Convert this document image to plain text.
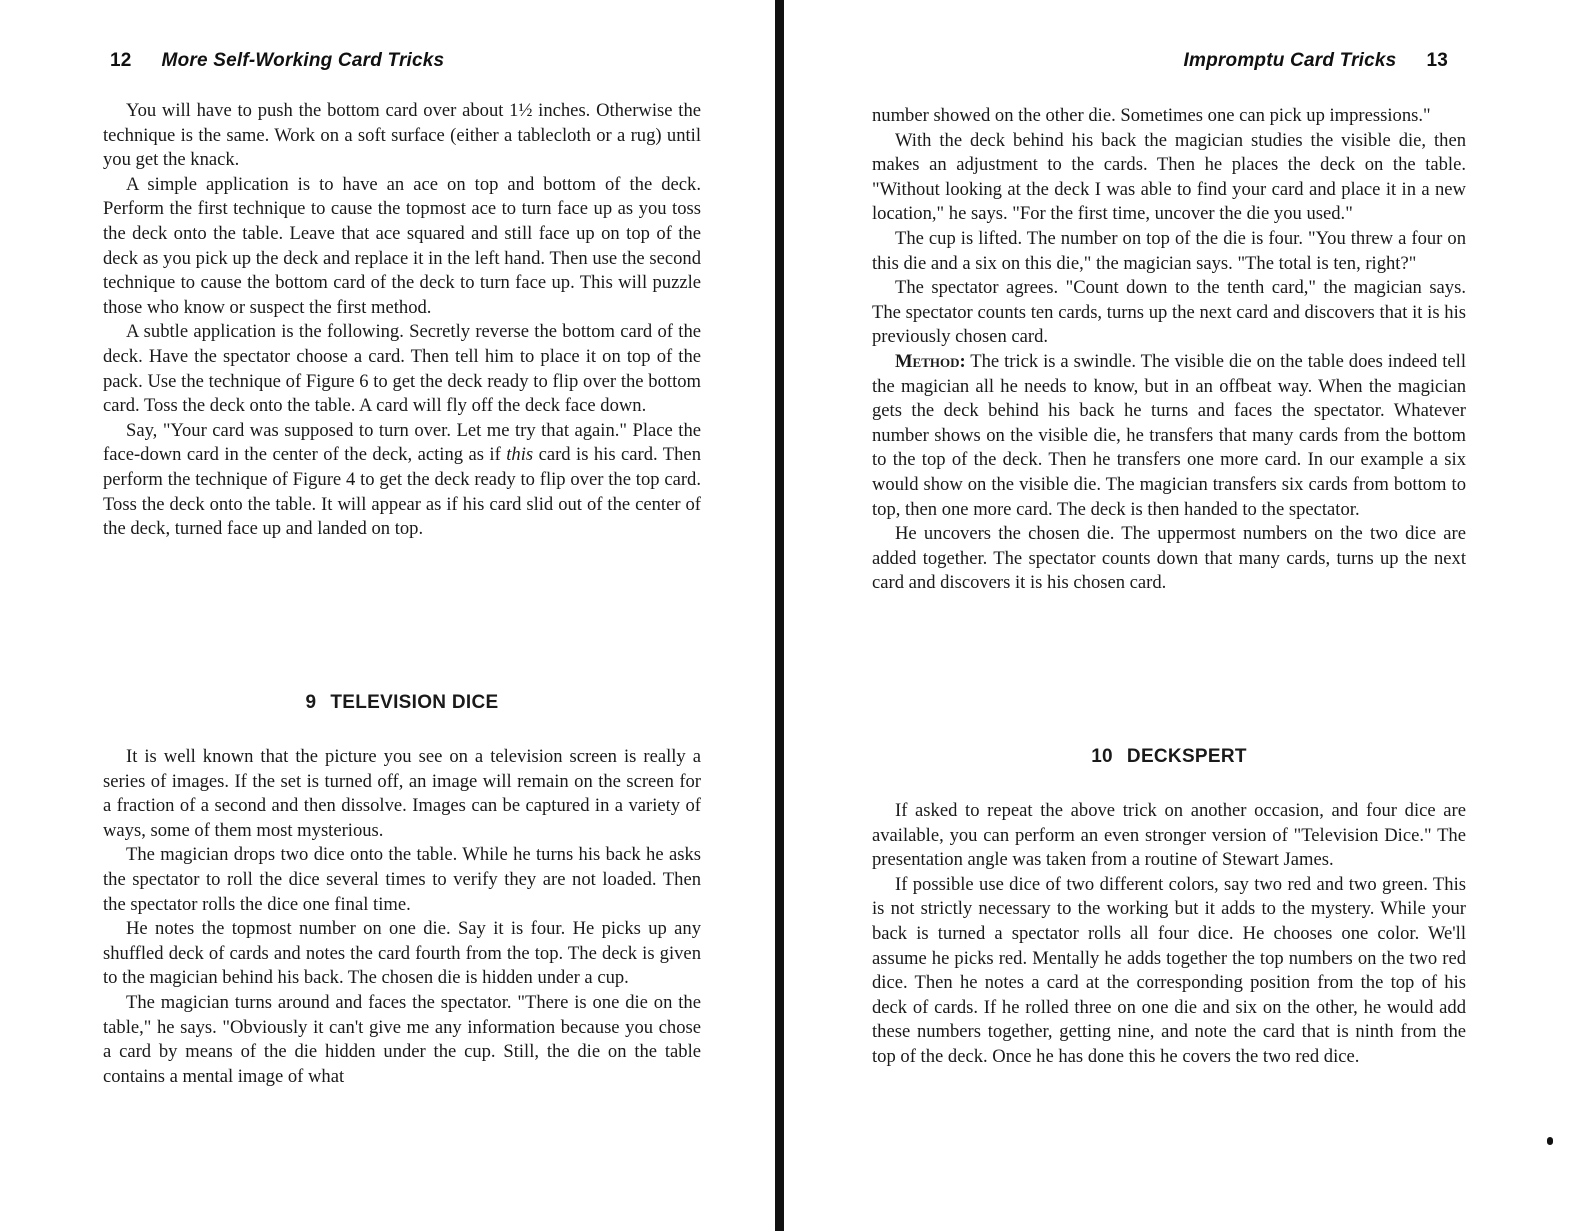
12 More Self-Working Card Tricks

You will have to push the bottom card over about 1½ inches. Otherwise the technique is the same. Work on a soft surface (either a tablecloth or a rug) until you get the knack.

A simple application is to have an ace on top and bottom of the deck. Perform the first technique to cause the topmost ace to turn face up as you toss the deck onto the table. Leave that ace squared and still face up on top of the deck as you pick up the deck and replace it in the left hand. Then use the second technique to cause the bottom card of the deck to turn face up. This will puzzle those who know or suspect the first method.

A subtle application is the following. Secretly reverse the bottom card of the deck. Have the spectator choose a card. Then tell him to place it on top of the pack. Use the technique of Figure 6 to get the deck ready to flip over the bottom card. Toss the deck onto the table. A card will fly off the deck face down.

Say, "Your card was supposed to turn over. Let me try that again." Place the face-down card in the center of the deck, acting as if this card is his card. Then perform the technique of Figure 4 to get the deck ready to flip over the top card. Toss the deck onto the table. It will appear as if his card slid out of the center of the deck, turned face up and landed on top.

9 TELEVISION DICE

It is well known that the picture you see on a television screen is really a series of images. If the set is turned off, an image will remain on the screen for a fraction of a second and then dissolve. Images can be captured in a variety of ways, some of them most mysterious.

The magician drops two dice onto the table. While he turns his back he asks the spectator to roll the dice several times to verify they are not loaded. Then the spectator rolls the dice one final time.

He notes the topmost number on one die. Say it is four. He picks up any shuffled deck of cards and notes the card fourth from the top. The deck is given to the magician behind his back. The chosen die is hidden under a cup.

The magician turns around and faces the spectator. "There is one die on the table," he says. "Obviously it can't give me any information because you chose a card by means of the die hidden under the cup. Still, the die on the table contains a mental image of what

Impromptu Card Tricks 13

number showed on the other die. Sometimes one can pick up impressions."

With the deck behind his back the magician studies the visible die, then makes an adjustment to the cards. Then he places the deck on the table. "Without looking at the deck I was able to find your card and place it in a new location," he says. "For the first time, uncover the die you used."

The cup is lifted. The number on top of the die is four. "You threw a four on this die and a six on this die," the magician says. "The total is ten, right?"

The spectator agrees. "Count down to the tenth card," the magician says. The spectator counts ten cards, turns up the next card and discovers that it is his previously chosen card.

Method: The trick is a swindle. The visible die on the table does indeed tell the magician all he needs to know, but in an offbeat way. When the magician gets the deck behind his back he turns and faces the spectator. Whatever number shows on the visible die, he transfers that many cards from the bottom to the top of the deck. Then he transfers one more card. In our example a six would show on the visible die. The magician transfers six cards from bottom to top, then one more card. The deck is then handed to the spectator.

He uncovers the chosen die. The uppermost numbers on the two dice are added together. The spectator counts down that many cards, turns up the next card and discovers it is his chosen card.

10 DECKSPERT

If asked to repeat the above trick on another occasion, and four dice are available, you can perform an even stronger version of "Television Dice." The presentation angle was taken from a routine of Stewart James.

If possible use dice of two different colors, say two red and two green. This is not strictly necessary to the working but it adds to the mystery. While your back is turned a spectator rolls all four dice. He chooses one color. We'll assume he picks red. Mentally he adds together the top numbers on the two red dice. Then he notes a card at the corresponding position from the top of his deck of cards. If he rolled three on one die and six on the other, he would add these numbers together, getting nine, and note the card that is ninth from the top of the deck. Once he has done this he covers the two red dice.
